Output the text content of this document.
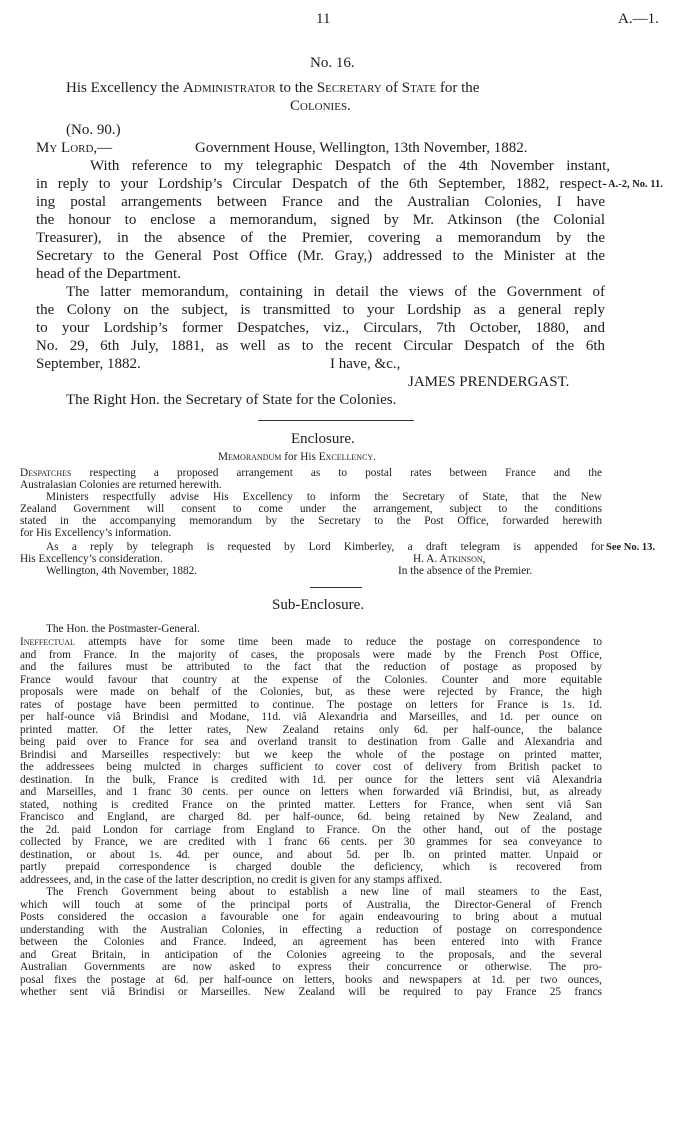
11	A.—1.
No. 16.
His Excellency the Administrator to the Secretary of State for the
Colonies.
(No. 90.)
My Lord,—	Government House, Wellington, 13th November, 1882.
With reference to my telegraphic Despatch of the 4th November instant,
in reply to your Lordship’s Circular Despatch of the 6th September, 1882, respect- A.-2, No. 11.
ing postal arrangements between France and the Australian Colonies, I have
the honour to enclose a memorandum, signed by Mr. Atkinson (the Colonial
Treasurer), in the absence of the Premier, covering a memorandum by the
Secretary to the General Post Office (Mr. Gray,) addressed to the Minister at the
head of the Department.
The latter memorandum, containing in detail the views of the Government of
the Colony on the subject, is transmitted to your Lordship as a general reply
to your Lordship’s former Despatches, viz., Circulars, 7th October, 1880, and
No. 29, 6th July, 1881, as well as to the recent Circular Despatch of the 6th
September, 1882.	I have, &c.,
JAMES PRENDERGAST.
The Right Hon. the Secretary of State for the Colonies.
Enclosure.
Memorandum for His Excellency.
Despatches respecting a proposed arrangement as to postal rates between France and the
Australasian Colonies are returned herewith.
Ministers respectfully advise His Excellency to inform the Secretary of State, that the New
Zealand Government will consent to come under the arrangement, subject to the conditions
stated in the accompanying memorandum by the Secretary to the Post Office, forwarded herewith
for His Excellency’s information.
As a reply by telegraph is requested by Lord Kimberley, a draft telegram is appended for See No. 13.
His Excellency’s consideration.	H. A. Atkinson,
Wellington, 4th November, 1882.	In the absence of the Premier.
Sub-Enclosure.
The Hon. the Postmaster-General.
Ineffectual attempts have for some time been made to reduce the postage on correspondence to
and from France. In the majority of cases, the proposals were made by the French Post Office,
and the failures must be attributed to the fact that the reduction of postage as proposed by
France would favour that country at the expense of the Colonies. Counter and more equitable
proposals were made on behalf of the Colonies, but, as these were rejected by France, the high
rates of postage have been permitted to continue. The postage on letters for France is 1s. 1d.
per half-ounce viâ Brindisi and Modane, 11d. viâ Alexandria and Marseilles, and 1d. per ounce on
printed matter. Of the letter rates, New Zealand retains only 6d. per half-ounce, the balance
being paid over to France for sea and overland transit to destination from Galle and Alexandria and
Brindisi and Marseilles respectively: but we keep the whole of the postage on printed matter,
the addressees being mulcted in charges sufficient to cover cost of delivery from British packet to
destination. In the bulk, France is credited with 1d. per ounce for the letters sent viâ Alexandria
and Marseilles, and 1 franc 30 cents. per ounce on letters when forwarded viâ Brindisi, but, as already
stated, nothing is credited France on the printed matter. Letters for France, when sent viâ San
Francisco and England, are charged 8d. per half-ounce, 6d. being retained by New Zealand, and
the 2d. paid London for carriage from England to France. On the other hand, out of the postage
collected by France, we are credited with 1 franc 66 cents. per 30 grammes for sea conveyance to
destination, or about 1s. 4d. per ounce, and about 5d. per lb. on printed matter. Unpaid or
partly prepaid correspondence is charged double the deficiency, which is recovered from
addressees, and, in the case of the latter description, no credit is given for any stamps affixed.
The French Government being about to establish a new line of mail steamers to the East,
which will touch at some of the principal ports of Australia, the Director-General of French
Posts considered the occasion a favourable one for again endeavouring to bring about a mutual
understanding with the Australian Colonies, in effecting a reduction of postage on correspondence
between the Colonies and France. Indeed, an agreement has been entered into with France
and Great Britain, in anticipation of the Colonies agreeing to the proposals, and the several
Australian Governments are now asked to express their concurrence or otherwise. The pro-
posal fixes the postage at 6d. per half-ounce on letters, books and newspapers at 1d. per two ounces,
whether sent viâ Brindisi or Marseilles. New Zealand will be required to pay France 25 francs
